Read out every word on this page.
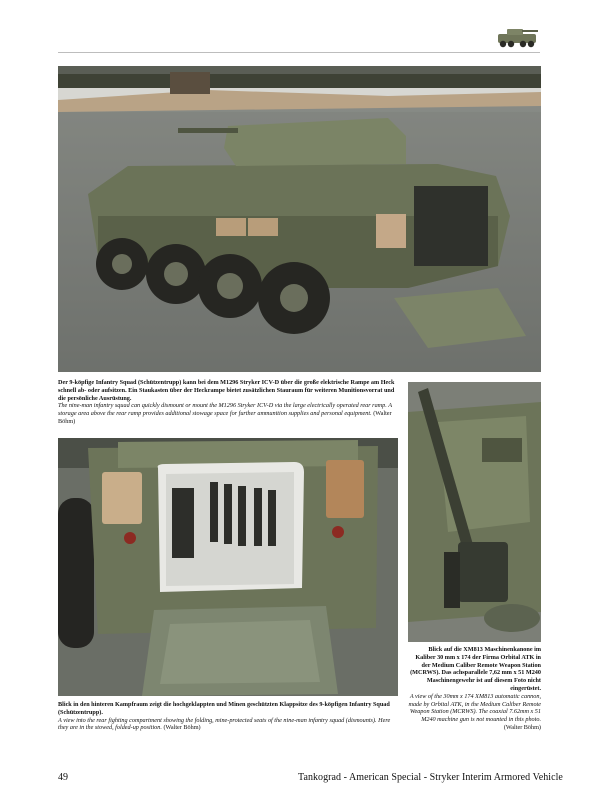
Der 9-köpfige Infantry Squad (Schützentrupp) kann bei dem M1296 Stryker ICV-D über die große elektrische Rampe am Heck schnell ab- oder aufsitzen. Ein Staukasten über der Heckrampe bietet zusätzlichen Stauraum für weiteren Munitionsvorrat und die persönliche Ausrüstung.
The nine-man infantry squad can quickly dismount or mount the M1296 Stryker ICV-D via the large electrically operated rear ramp. A storage area above the rear ramp provides additional stowage space for further ammunition supplies and personal equipment. (Walter Böhm)
Blick in den hinteren Kampfraum zeigt die hochgeklappten und Minen geschützten Klappsitze des 9-köpfigen Infantry Squad (Schützentrupp).
A view into the rear fighting compartment showing the folding, mine-protected seats of the nine-man infantry squad (dismounts). Here they are in the stowed, folded-up position. (Walter Böhm)
Blick auf die XM813 Maschinenkanone im Kaliber 30 mm x 174 der Firma Orbital ATK in der Medium Caliber Remote Weapon Station (MCRWS). Das achsparallele 7,62 mm x 51 M240 Maschinengewehr ist auf diesem Foto nicht eingerüstet.
A view of the 30mm x 174 XM813 automatic cannon, made by Orbital ATK, in the Medium Caliber Remote Weapon Station (MCRWS). The coaxial 7.62mm x 51 M240 machine gun is not mounted in this photo. (Walter Böhm)
49	Tankograd - American Special - Stryker Interim Armored Vehicle
